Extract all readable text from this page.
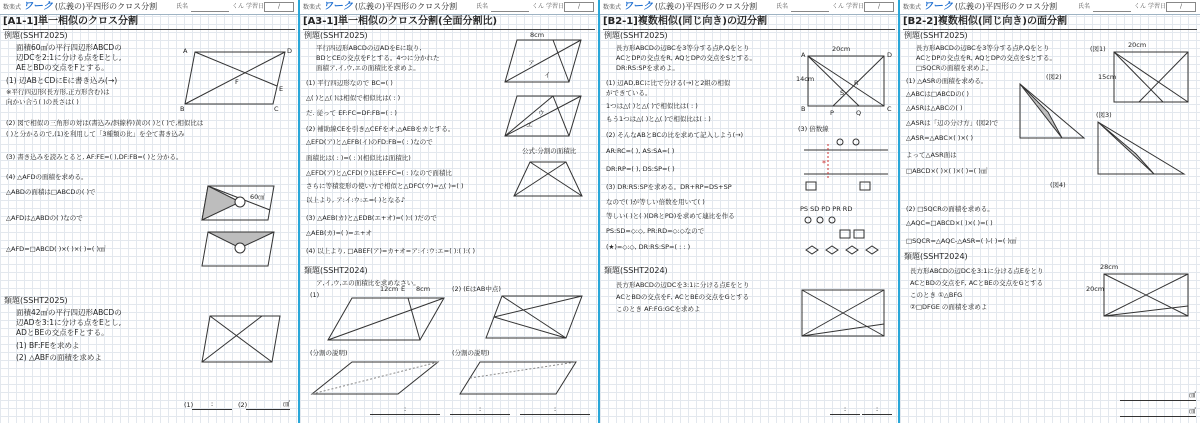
数楽式 ワーク (広義の)平四形のクロス分割	氏名	くん 学習日 /
[A1-1]単一相似のクロス分割
例題(SSHT2025)
面積60㎠の平行四辺形ABCDの
辺DCを2:1に分ける点をEとし,
AEとBDの交点をFとする。
(1) 辺ABとCDにEに書き込み(→)
※平行四辺形(長方形,正方形含む)は
向かい合う( )の長さは( )
(2) 図で相似の三角形の対は(書込み/斜線枠)黄の( )と( )で,相似比は
( )と分かるので,(1)を利用して「3種類の比」を全て書き込み
(3) 書き込みを読みとると, AF:FE=( ),DF:FB=( )と分かる。
(4) △AFDの面積を求める。
△ABDの面積は□ABCDの( )で
△AFDは△ABDの( )なので
△AFD=□ABCD( )×( )×( )=( )㎠
A	D
B	C
E
F
60㎠
類題(SSHT2025)
面積42㎠の平行四辺形ABCDの
辺ADを3:1に分ける点をEとし,
ADとBEの交点をFとする。
(1) BF:FEを求めよ
(2) △ABFの面積を求めよ
(1)	:	(2)	㎠
数楽式 ワーク (広義の)平四形のクロス分割	氏名	くん 学習日 /
[A3-1]単一相似のクロス分割(全面分割比)
例題(SSHT2025)
平行四辺形ABCDの辺ADをEに取り,
BDとCEの交点をFとする。4つに分かれた
面積ア,イ,ウ,エの面積比を求めよ。
(1) 平行四辺形なので BC=( )
△( )と△( )は相似で相似比は( : )
だ. 従って EF:FC=DF:FB=( : )
(2) 補助線CEを引き△CEFをオ,△AEBをカとする。
△EFD(ア)と△EFB(イ)のFD:FB=( : )なので
面積比は( : )=( : )(相似比は面積比)
△EFD(ア)と△CFD(ウ)はEF:FC=( : )なので面積比
さらに等積変形の使い方で相似と△DFC(ウ)=△( )=( )
以上より, ア:イ:ウ:エ=( )となる♪
(3) △AEB(カ)と△EDB(エ+オ)=( ):( )だので
△AEB(カ)=( )=エ+オ
(4) 以上より, □ABEF(ア)=カ+オ=ア:イ:ウ:エ=( ):( ):( )
8cm
ア
イ
ウ
エ
公式:分割の面積比
類題(SSHT2024)
ア,イ,ウ,エの面積比を求めなさい。
(1)
(2) (EはAB中点)
12cm E 8cm
(分割の説明)	(分割の説明)
:	:	:
数楽式 ワーク (広義の)平四形のクロス分割	氏名	くん 学習日 /
[B2-1]複数相似(同じ向き)の辺分割
例題(SSHT2025)
長方形ABCDの辺BCを3等分する点P,Qをとり
ACとDPの交点をR, AQとDPの交点をSとする。
DR:RS:SPを求めよ。
(1) 辺AD,BCに比で分ける(→)と2組の相似
ができている。
1つは△( )と△( )で相似比は( : )
もう1つは△( )と△( )で相似比は( : )
(2) そんなABとBCの比を求めて記入しよう(→)
AR:RC=( ), AS:SA=( )
DR:RP=( ), DS:SP=( )
(3) DR:RS:SPを求める。DR+RP=DS+SP
なので( )が等しい倍数を用いて( )
等しい( )と( )(DRとPD)を求めて連比を作る
PS:SD=◇:◇, PR:RD=◇:◇なので
(★)=◇:◇, DR:RS:SP=( : : )
20cm
14cm
A	D
B	C
P	Q
R
S
(3) 倍数線
*
PS SD PD PR RD
類題(SSHT2024)
長方形ABCDの辺DCを3:1に分ける点Eをとり
ACとBDの交点をF, ACとBEの交点をGとする
このとき AF:FG:GCを求めよ
:	:
数楽式 ワーク (広義の)平四形のクロス分割	氏名	くん 学習日 /
[B2-2]複数相似(同じ向き)の面分割
例題(SSHT2025)
長方形ABCDの辺BCを3等分する点P,Qをとり
ACとDPの交点をR, AQとDPの交点をSとする。
□SQCRの面積を求めよ。
(1) △ASRの面積を求める。
△ABCは□ABCDの( )
△ASRは△ABCの( )
△ASRは「辺の分け方」(図2)で
△ASR=△ABC×( )×( )
よって△ASR面は
□ABCD×( )×( )×( )=( )㎠
(2) □SQCRの面積を求める。
△AQC=□ABCD×( )×( )=( )
□SQCR=△AQC-△ASR=( )-( )=( )㎠
(図1)	20cm
15cm
(図2)
(図3)
(図4)
類題(SSHT2024)
長方形ABCDの辺DCを3:1に分ける点Eをとり
ACとBDの交点をF, ACとBEの交点をGとする
このとき ①△BFG
②□DFGE の面積を求めよ
28cm
20cm
㎠
㎠
